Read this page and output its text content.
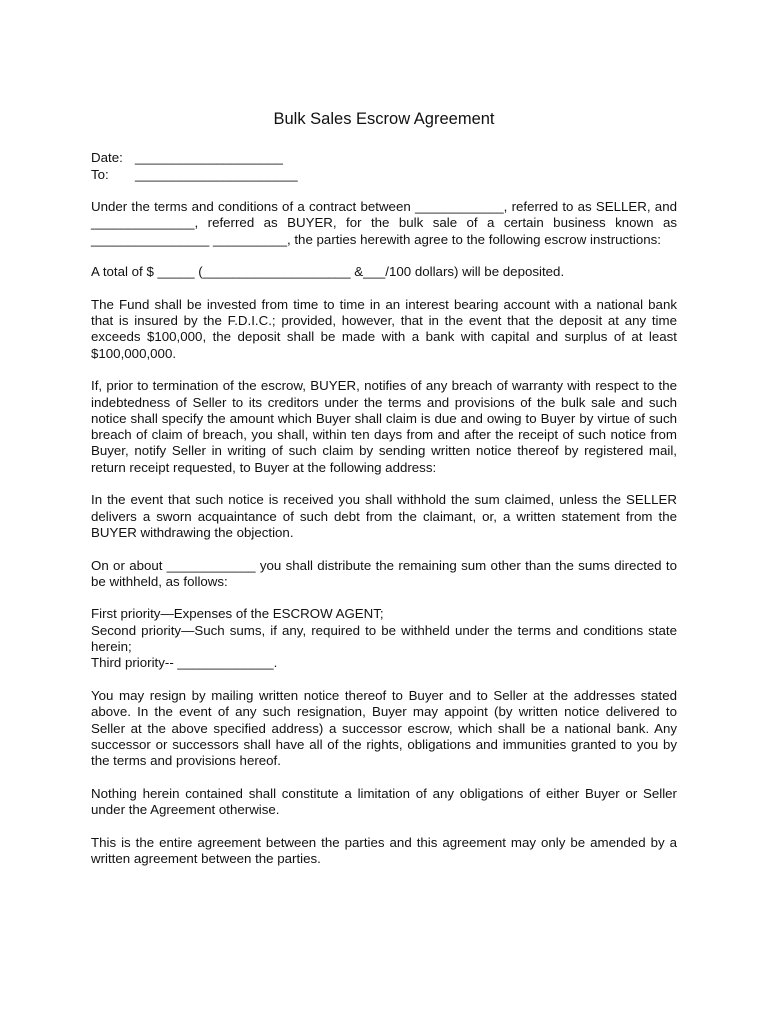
Bulk Sales Escrow Agreement
Date: ____________________
To: ______________________

Under the terms and conditions of a contract between ____________, referred to as SELLER, and ______________, referred as BUYER, for the bulk sale of a certain business known as ________________ __________, the parties herewith agree to the following escrow instructions:

A total of $ _____ (____________________ &___/100 dollars) will be deposited.

The Fund shall be invested from time to time in an interest bearing account with a national bank that is insured by the F.D.I.C.; provided, however, that in the event that the deposit at any time exceeds $100,000, the deposit shall be made with a bank with capital and surplus of at least $100,000,000.

If, prior to termination of the escrow, BUYER, notifies of any breach of warranty with respect to the indebtedness of Seller to its creditors under the terms and provisions of the bulk sale and such notice shall specify the amount which Buyer shall claim is due and owing to Buyer by virtue of such breach of claim of breach, you shall, within ten days from and after the receipt of such notice from Buyer, notify Seller in writing of such claim by sending written notice thereof by registered mail, return receipt requested, to Buyer at the following address:

In the event that such notice is received you shall withhold the sum claimed, unless the SELLER delivers a sworn acquaintance of such debt from the claimant, or, a written statement from the BUYER withdrawing the objection.

On or about ____________ you shall distribute the remaining sum other than the sums directed to be withheld, as follows:

First priority—Expenses of the ESCROW AGENT;
Second priority—Such sums, if any, required to be withheld under the terms and conditions state herein;
Third priority-- _____________.

You may resign by mailing written notice thereof to Buyer and to Seller at the addresses stated above. In the event of any such resignation, Buyer may appoint (by written notice delivered to Seller at the above specified address) a successor escrow, which shall be a national bank. Any successor or successors shall have all of the rights, obligations and immunities granted to you by the terms and provisions hereof.

Nothing herein contained shall constitute a limitation of any obligations of either Buyer or Seller under the Agreement otherwise.

This is the entire agreement between the parties and this agreement may only be amended by a written agreement between the parties.
